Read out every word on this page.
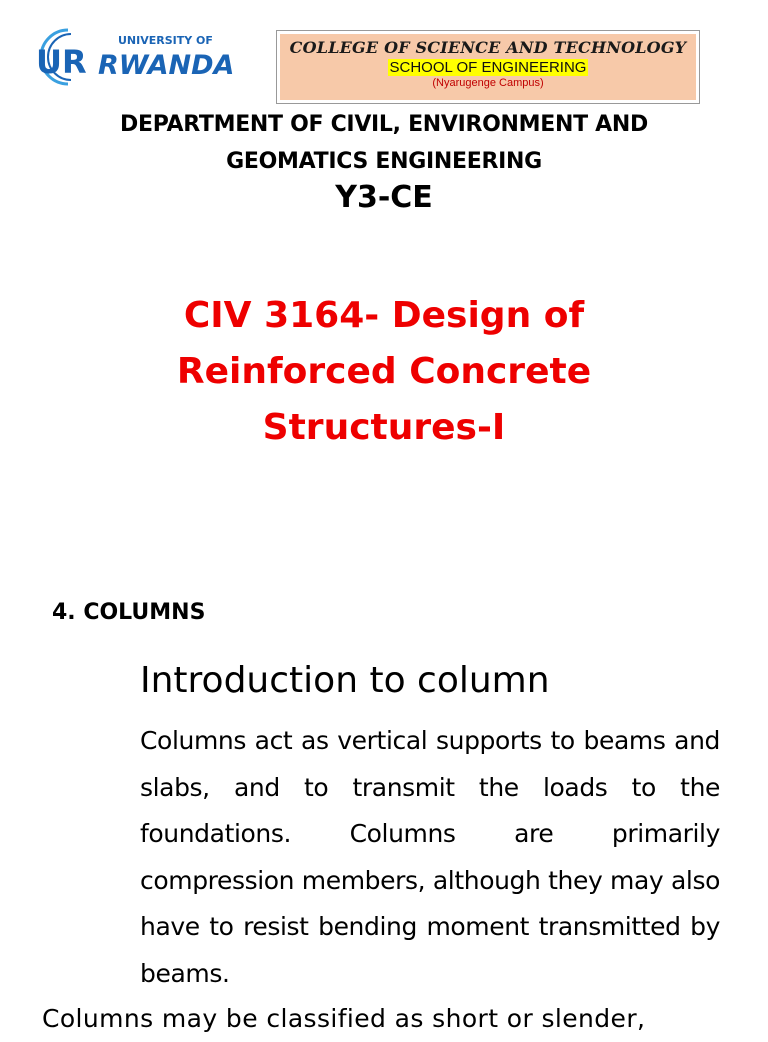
UR
UNIVERSITY OF
RWANDA
COLLEGE OF SCIENCE AND TECHNOLOGY
SCHOOL OF ENGINEERING
(Nyarugenge Campus)
DEPARTMENT OF CIVIL, ENVIRONMENT AND
GEOMATICS ENGINEERING
Y3-CE
CIV 3164- Design of
Reinforced Concrete
Structures-I
4. COLUMNS
Introduction to column
Columns act as vertical supports to beams and slabs, and to transmit the loads to the foundations. Columns are primarily compression members, although they may also have to resist bending moment transmitted by beams.
Columns may be classified as short or slender,
